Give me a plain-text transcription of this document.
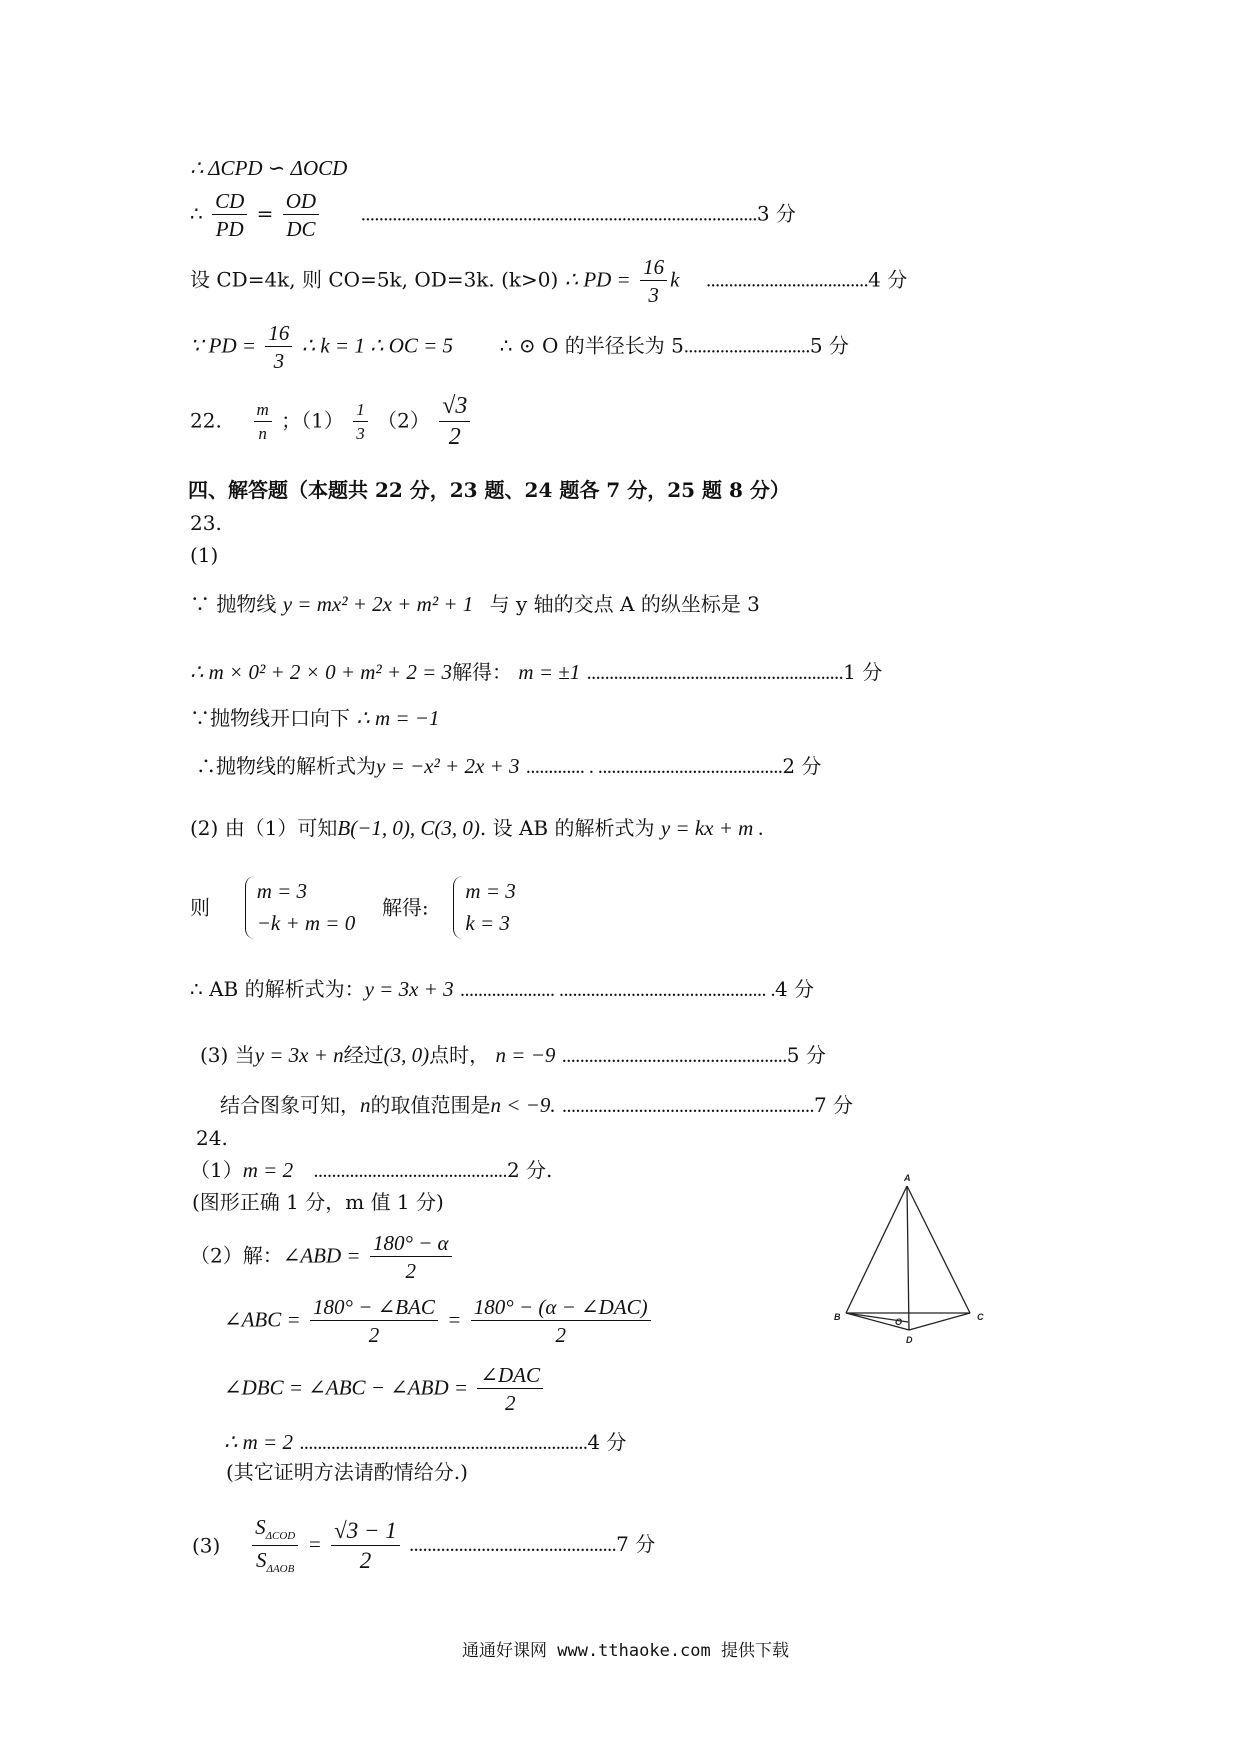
∴ ΔCPD ∽ ΔOCD
∴ $\frac{CD}{PD} = \frac{OD}{DC} ........................................................................................3$ 分
设 CD=4k, 则 CO=5k, OD=3k. (k>0) ∴ PD = $\frac{16}{3}$ k ....................................4 分
∵ PD = $\frac{16}{3}$ ∴ k = 1 ∴ OC = 5 ∴ ⊙ O 的半径长为 5............................5 分
22. $\frac{m}{n}$ ；$(1) \frac{1}{3} (2) \frac{√3}{2}$
四、解答题（本题共 22 分，23 题、24 题各 7 分，25 题 8 分）
23.
(1)
∵ 抛物线 y = mx² + 2x + m² + 1 与 y 轴的交点 A 的纵坐标是 3
∴ m × 0² + 2 × 0 + m² + 2 = 3解得： m = ±1 .........................................................1 分
∵抛物线开口向下 ∴ m = −1
∴抛物线的解析式为y = −x² + 2x + 3 ............. . .........................................2 分
(2) 由（1）可知B(−1, 0), C(3, 0). 设 AB 的解析式为 y = kx + m .
则
m = 3
−k + m = 0
解得:
m = 3
k = 3
∴ AB 的解析式为：y = 3x + 3 ..................... .............................................. .4 分
(3) 当y = 3x + n经过(3, 0)点时， n = −9 ..................................................5 分
结合图象可知，n的取值范围是n < −9. ........................................................7 分
24.
（1）m = 2 ...........................................2 分.
(图形正确 1 分，m 值 1 分)
（2）解：∠ABD = $\frac{180^\circ - \alpha}{2}$
∠ABC = $\frac{\text{180° − ∠BAC}}{2} = \frac{\text{180° − (α − ∠DAC)}}{2}$
∠DBC = ∠ABC − ∠ABD = $\frac{\text{∠DAC}}{2}$
∴ m = 2 ................................................................4 分
(其它证明方法请酌情给分.)
$(3) \frac{S_{\Delta COD}}{S_{\Delta AOB}} = \frac{√3 - 1}{2} ..............................................7$ 分
A
B	C
D
O
通通好课网 www.tthaoke.com 提供下载
